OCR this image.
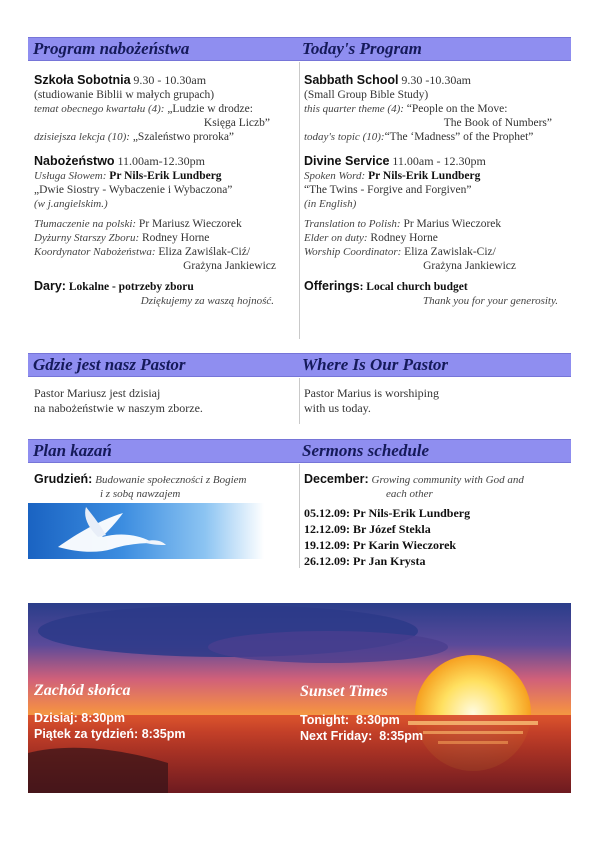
Program nabożeństwa	Today's Program
Szkoła Sobotnia 9.30 - 10.30am
(studiowanie Biblii w małych grupach)
temat obecnego kwartału (4): „Ludzie w drodze:
Księga Liczb”
dzisiejsza lekcja (10): „Szaleństwo proroka”
Nabożeństwo 11.00am-12.30pm
Usługa Słowem: Pr Nils-Erik Lundberg
„Dwie Siostry - Wybaczenie i Wybaczona”
(w j.angielskim.)
Tłumaczenie na polski: Pr Mariusz Wieczorek
Dyżurny Starszy Zboru: Rodney Horne
Koordynator Nabożeństwa: Eliza Zawiślak-Ciź/
Grażyna Jankiewicz
Dary: Lokalne - potrzeby zboru
Dziękujemy za waszą hojność.
Sabbath School 9.30 -10.30am
(Small Group Bible Study)
this quarter theme (4): “People on the Move:
The Book of Numbers”
today's topic (10):“The ‘Madness” of the Prophet”
Divine Service 11.00am - 12.30pm
Spoken Word: Pr Nils-Erik Lundberg
“The Twins - Forgive and Forgiven”
(in English)
Translation to Polish: Pr Marius Wieczorek
Elder on duty: Rodney Horne
Worship Coordinator: Eliza Zawislak-Ciz/
Grażyna Jankiewicz
Offerings: Local church budget
Thank you for your generosity.
Gdzie jest nasz Pastor	Where Is Our Pastor
Pastor Mariusz jest dzisiaj
na nabożeństwie w naszym zborze.
Pastor Marius is worshiping
with us today.
Plan kazań	Sermons schedule
Grudzień: Budowanie społeczności z Bogiem
i z sobą nawzajem
December: Growing community with God and
each other
05.12.09: Pr Nils-Erik Lundberg
12.12.09: Br Józef Stekla
19.12.09: Pr Karin Wieczorek
26.12.09: Pr Jan Krysta
Zachód słońca
Dzisiaj: 8:30pm
Piątek za tydzień: 8:35pm
Sunset Times
Tonight: 8:30pm
Next Friday: 8:35pm
